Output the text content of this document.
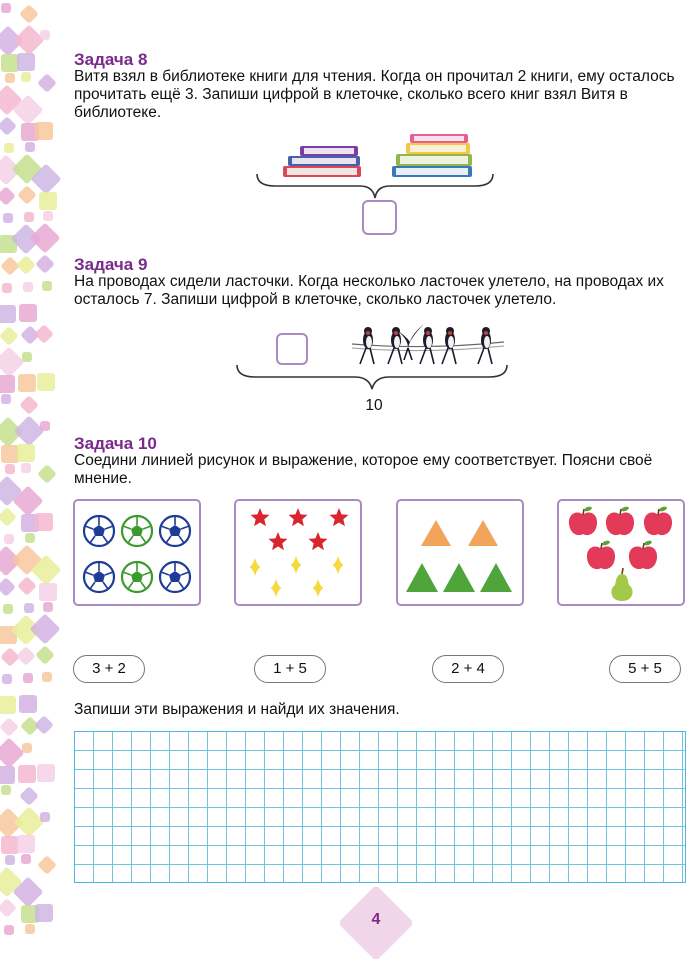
Задача 8
Витя взял в библиотеке книги для чтения. Когда он прочитал 2 книги, ему осталось прочитать ещё 3. Запиши цифрой в клеточке, сколько всего книг взял Витя в библиотеке.
Задача 9
На проводах сидели ласточки. Когда несколько ласточек улетело, на проводах их осталось 7. Запиши цифрой в клеточке, сколько ласточек улетело.
10
Задача 10
Соедини линией рисунок и выражение, которое ему соответствует. Поясни своё мнение.
3 + 2	1 + 5	2 + 4	5 + 5
Запиши эти выражения и найди их значения.
4
